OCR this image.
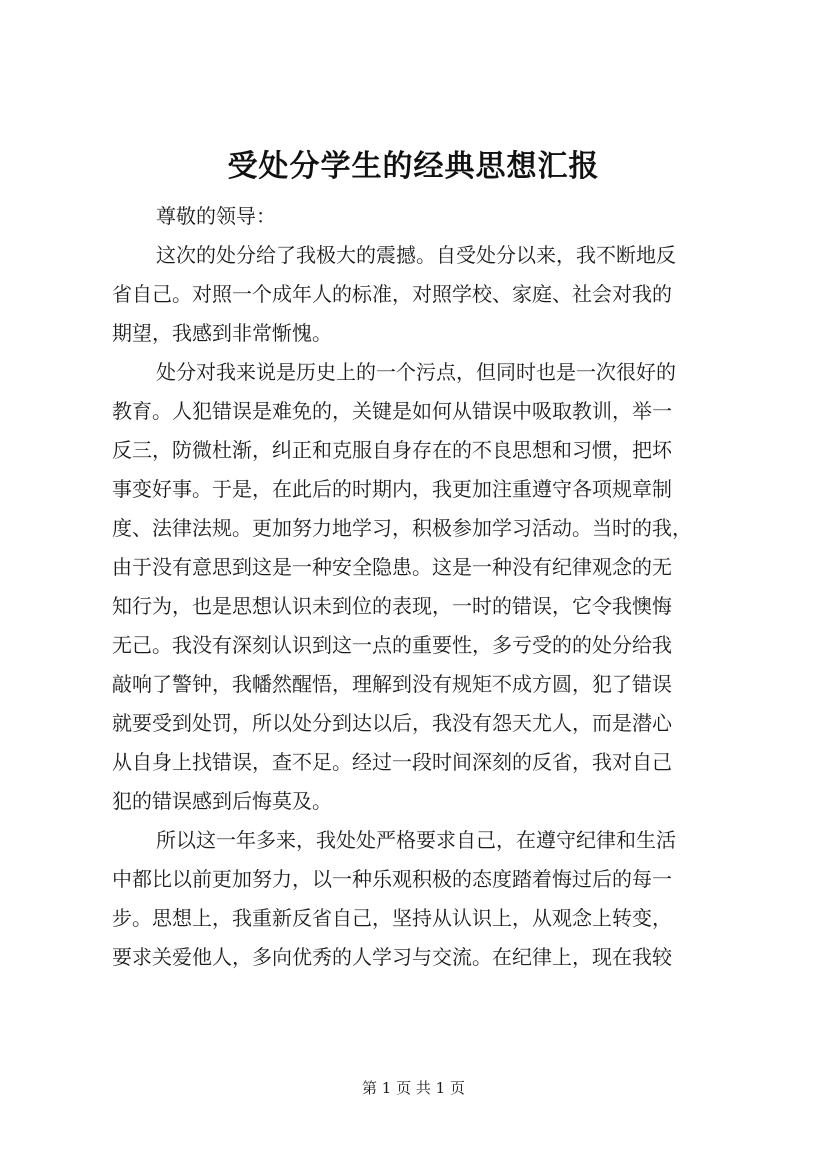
受处分学生的经典思想汇报
尊敬的领导：
这次的处分给了我极大的震撼。自受处分以来，我不断地反
省自己。对照一个成年人的标准，对照学校、家庭、社会对我的
期望，我感到非常惭愧。
处分对我来说是历史上的一个污点，但同时也是一次很好的
教育。人犯错误是难免的，关键是如何从错误中吸取教训，举一
反三，防微杜渐，纠正和克服自身存在的不良思想和习惯，把坏
事变好事。于是，在此后的时期内，我更加注重遵守各项规章制
度、法律法规。更加努力地学习，积极参加学习活动。当时的我，
由于没有意思到这是一种安全隐患。这是一种没有纪律观念的无
知行为，也是思想认识未到位的表现，一时的错误，它令我懊悔
无己。我没有深刻认识到这一点的重要性，多亏受的的处分给我
敲响了警钟，我幡然醒悟，理解到没有规矩不成方圆，犯了错误
就要受到处罚，所以处分到达以后，我没有怨天尤人，而是潜心
从自身上找错误，查不足。经过一段时间深刻的反省，我对自己
犯的错误感到后悔莫及。
所以这一年多来，我处处严格要求自己，在遵守纪律和生活
中都比以前更加努力，以一种乐观积极的态度踏着悔过后的每一
步。思想上，我重新反省自己，坚持从认识上，从观念上转变，
要求关爱他人，多向优秀的人学习与交流。在纪律上，现在我较
第 1 页 共 1 页
